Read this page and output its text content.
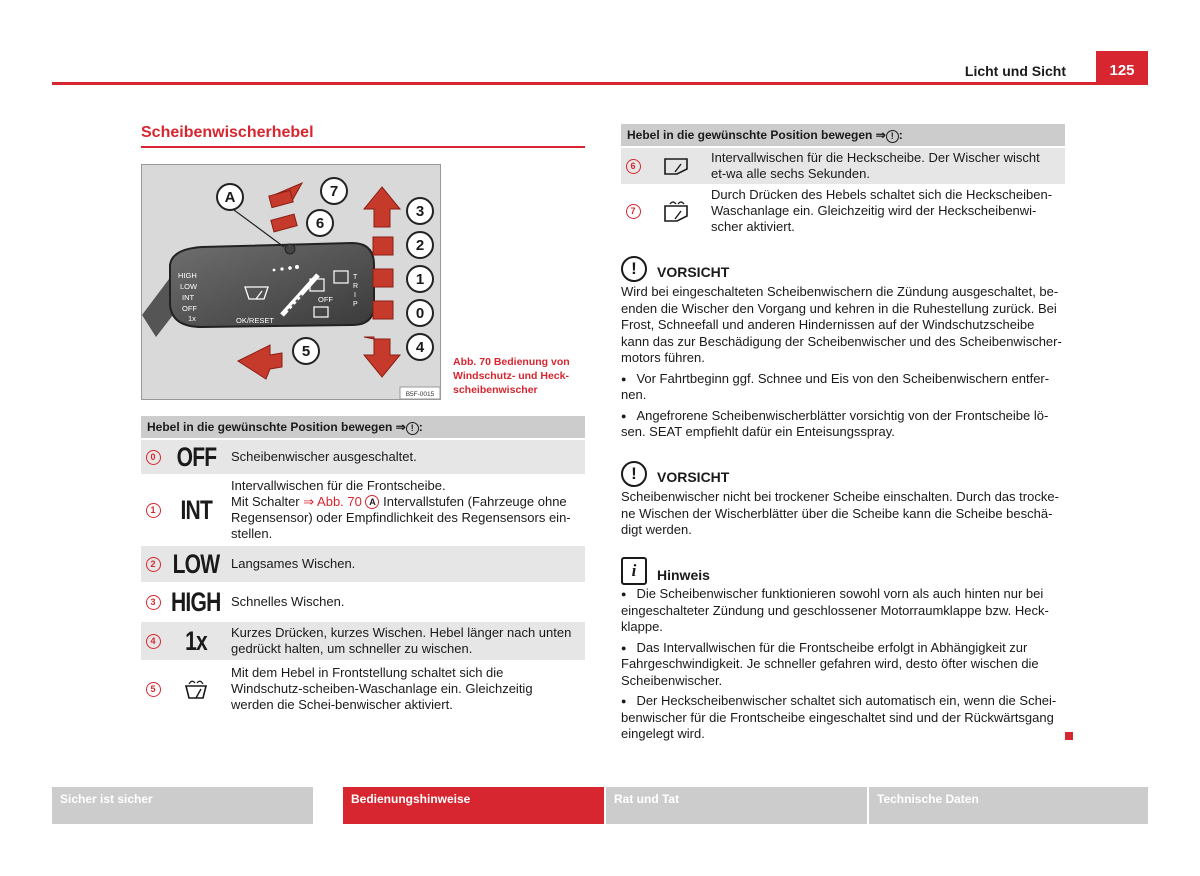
Licht und Sicht	125
Scheibenwischerhebel
HIGH
LOW
INT
OFF
1x	OK/RESET
OFF
T
R
I
P
A	7
6
3
2
1
0
4
5
B5F-0015
Abb. 70 Bedienung von Windschutz- und Heck-scheibenwischer
Hebel in die gewünschte Position bewegen ⇒ ! :
0 OFF	Scheibenwischer ausgeschaltet.
1 INT
Intervallwischen für die Frontscheibe.
Mit Schalter ⇒ Abb. 70 A Intervallstufen (Fahrzeuge ohne Regensensor) oder Empfindlichkeit des Regensensors ein-stellen.
2 LOW Langsames Wischen.
3 HIGH Schnelles Wischen.
4 1x	Kurzes Drücken, kurzes Wischen. Hebel länger nach unten gedrückt halten, um schneller zu wischen.
5
Mit dem Hebel in Frontstellung schaltet sich die Windschutz-scheiben-Waschanlage ein. Gleichzeitig werden die Schei-benwischer aktiviert.
Hebel in die gewünschte Position bewegen ⇒ ! :
6
Intervallwischen für die Heckscheibe. Der Wischer wischt et-wa alle sechs Sekunden.
7
Durch Drücken des Hebels schaltet sich die Heckscheiben-Waschanlage ein. Gleichzeitig wird der Heckscheibenwi-scher aktiviert.
!	VORSICHT
Wird bei eingeschalteten Scheibenwischern die Zündung ausgeschaltet, be-enden die Wischer den Vorgang und kehren in die Ruhestellung zurück. Bei Frost, Schneefall und anderen Hindernissen auf der Windschutzscheibe kann das zur Beschädigung der Scheibenwischer und des Scheibenwischer-motors führen.
● Vor Fahrtbeginn ggf. Schnee und Eis von den Scheibenwischern entfer-nen.
● Angefrorene Scheibenwischerblätter vorsichtig von der Frontscheibe lö-sen. SEAT empfiehlt dafür ein Enteisungsspray.
!	VORSICHT
Scheibenwischer nicht bei trockener Scheibe einschalten. Durch das trocke-ne Wischen der Wischerblätter über die Scheibe kann die Scheibe beschä-digt werden.
i	Hinweis
● Die Scheibenwischer funktionieren sowohl vorn als auch hinten nur bei eingeschalteter Zündung und geschlossener Motorraumklappe bzw. Heck-klappe.
● Das Intervallwischen für die Frontscheibe erfolgt in Abhängigkeit zur Fahrgeschwindigkeit. Je schneller gefahren wird, desto öfter wischen die Scheibenwischer.
● Der Heckscheibenwischer schaltet sich automatisch ein, wenn die Schei-benwischer für die Frontscheibe eingeschaltet sind und der Rückwärtsgang eingelegt wird.
Sicher ist sicher	Bedienungshinweise	Rat und Tat	Technische Daten
